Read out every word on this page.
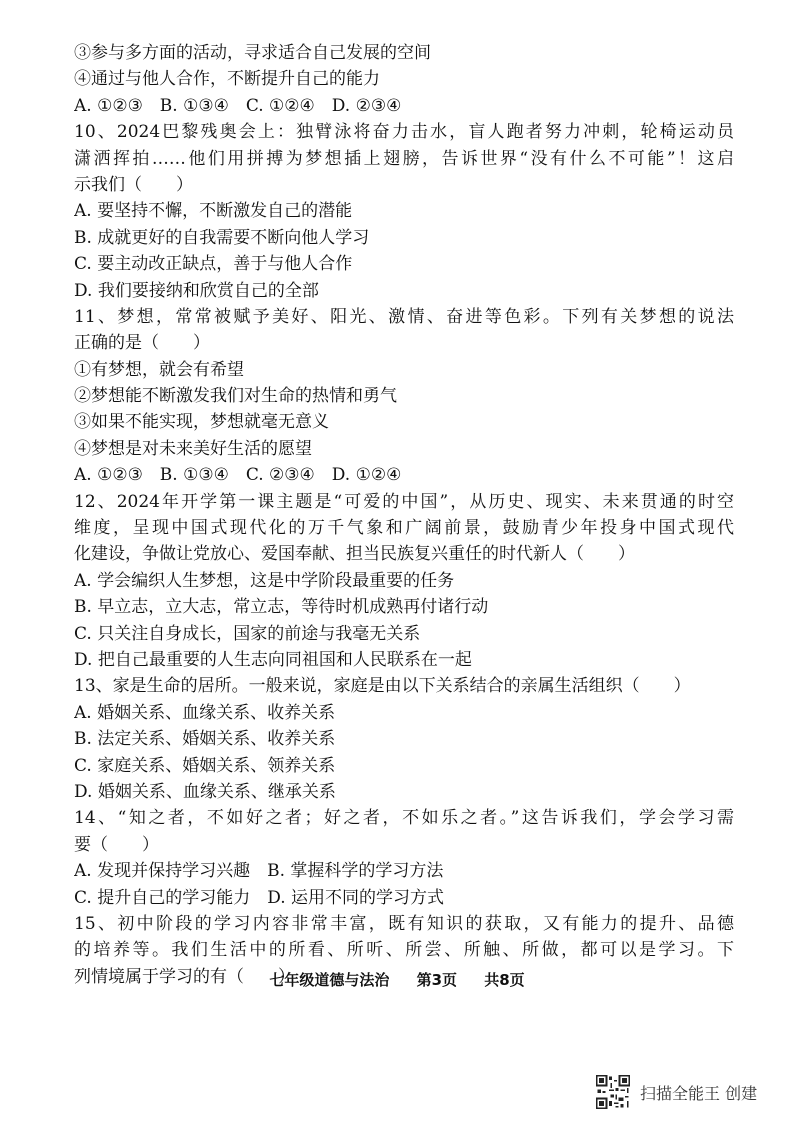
③参与多方面的活动，寻求适合自己发展的空间
④通过与他人合作，不断提升自己的能力
A. ①②③　B. ①③④　C. ①②④　D. ②③④
10、2024巴黎残奥会上：独臂泳将奋力击水，盲人跑者努力冲刺，轮椅运动员
潇洒挥拍……他们用拼搏为梦想插上翅膀，告诉世界“没有什么不可能”！这启
示我们（　　）
A. 要坚持不懈，不断激发自己的潜能
B. 成就更好的自我需要不断向他人学习
C. 要主动改正缺点，善于与他人合作
D. 我们要接纳和欣赏自己的全部
11、梦想，常常被赋予美好、阳光、激情、奋进等色彩。下列有关梦想的说法
正确的是（　　）
①有梦想，就会有希望
②梦想能不断激发我们对生命的热情和勇气
③如果不能实现，梦想就毫无意义
④梦想是对未来美好生活的愿望
A. ①②③　B. ①③④　C. ②③④　D. ①②④
12、2024年开学第一课主题是“可爱的中国”，从历史、现实、未来贯通的时空
维度，呈现中国式现代化的万千气象和广阔前景，鼓励青少年投身中国式现代
化建设，争做让党放心、爱国奉献、担当民族复兴重任的时代新人（　　）
A. 学会编织人生梦想，这是中学阶段最重要的任务
B. 早立志，立大志，常立志，等待时机成熟再付诸行动
C. 只关注自身成长，国家的前途与我毫无关系
D. 把自己最重要的人生志向同祖国和人民联系在一起
13、家是生命的居所。一般来说，家庭是由以下关系结合的亲属生活组织（　　）
A. 婚姻关系、血缘关系、收养关系
B. 法定关系、婚姻关系、收养关系
C. 家庭关系、婚姻关系、领养关系
D. 婚姻关系、血缘关系、继承关系
14、“知之者，不如好之者；好之者，不如乐之者。”这告诉我们，学会学习需
要（　　）
A. 发现并保持学习兴趣　B. 掌握科学的学习方法
C. 提升自己的学习能力　D. 运用不同的学习方式
15、初中阶段的学习内容非常丰富，既有知识的获取，又有能力的提升、品德
的培养等。我们生活中的所看、所听、所尝、所触、所做，都可以是学习。下
列情境属于学习的有（　　）
七年级道德与法治 第3页 共8页
扫描全能王 创建
